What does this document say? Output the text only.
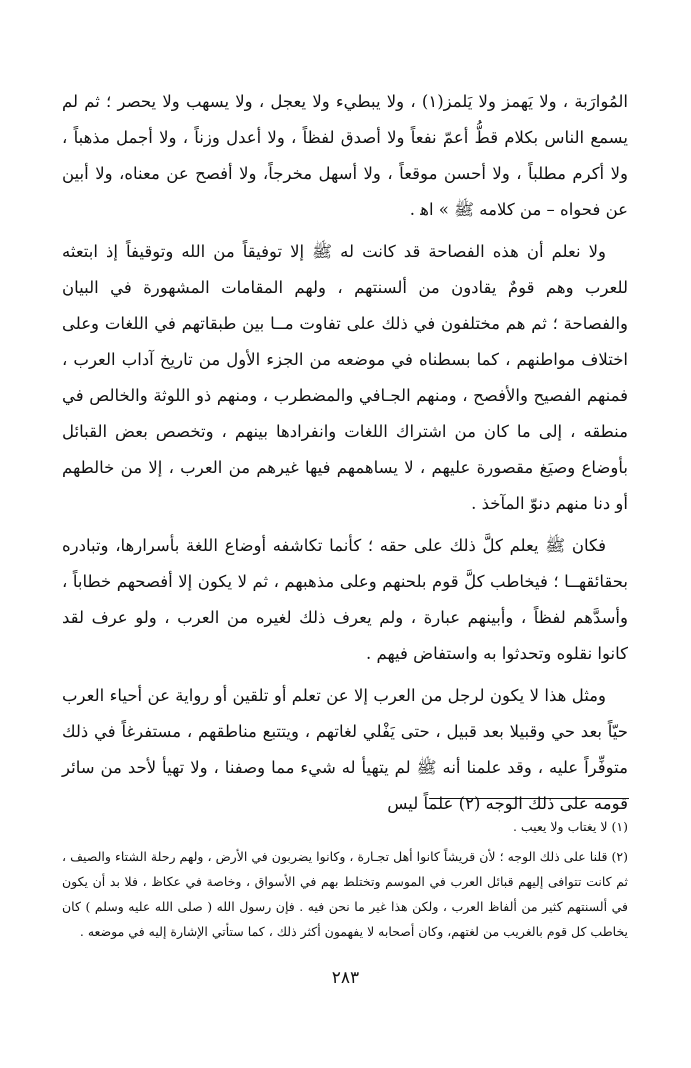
المُوارَبة ، ولا يَهمز ولا يَلمز(١) ، ولا يبطيء ولا يعجل ، ولا يسهب ولا يحصر ؛ ثم لم يسمع الناس بكلام قطُّ أعمّ نفعاً ولا أصدق لفظاً ، ولا أعدل وزناً ، ولا أجمل مذهباً ، ولا أكرم مطلباً ، ولا أحسن موقعاً ، ولا أسهل مخرجاً، ولا أفصح عن معناه، ولا أبين عن فحواه – من كلامه ﷺ » اﻫ .

ولا نعلم أن هذه الفصاحة قد كانت له ﷺ إلا توفيقاً من الله وتوقيفاً إذ ابتعثه للعرب وهم قومٌ يقادون من ألسنتهم ، ولهم المقامات المشهورة في البيان والفصاحة ؛ ثم هم مختلفون في ذلك على تفاوت مــا بين طبقاتهم في اللغات وعلى اختلاف مواطنهم ، كما بسطناه في موضعه من الجزء الأول من تاريخ آداب العرب ، فمنهم الفصيح والأفصح ، ومنهم الجـافي والمضطرب ، ومنهم ذو اللوثة والخالص في منطقه ، إلى ما كان من اشتراك اللغات وانفرادها بينهم ، وتخصص بعض القبائل بأوضاع وصيَغ مقصورة عليهم ، لا يساهمهم فيها غيرهم من العرب ، إلا من خالطهم أو دنا منهم دنوّ المآخذ .

فكان ﷺ يعلم كلَّ ذلك على حقه ؛ كأنما تكاشفه أوضاع اللغة بأسرارها، وتبادره بحقائقهــا ؛ فيخاطب كلَّ قوم بلحنهم وعلى مذهبهم ، ثم لا يكون إلا أفصحهم خطاباً ، وأسدَّهم لفظاً ، وأبينهم عبارة ، ولم يعرف ذلك لغيره من العرب ، ولو عرف لقد كانوا نقلوه وتحدثوا به واستفاض فيهم .

ومثل هذا لا يكون لرجل من العرب إلا عن تعلم أو تلقين أو رواية عن أحياء العرب حيّاً بعد حي وقبيلا بعد قبيل ، حتى يَفْلي لغاتهم ، ويتتبع مناطقهم ، مستفرغاً في ذلك متوفِّراً عليه ، وقد علمنا أنه ﷺ لم يتهيأ له شيء مما وصفنا ، ولا تهيأ لأحد من سائر قومه على ذلك الوجه (٢) علماً ليس

(١) لا يغتاب ولا يعيب .

(٢) قلنا على ذلك الوجه ؛ لأن قريشاً كانوا أهل تجـارة ، وكانوا يضربون في الأرض ، ولهم رحلة الشتاء والصيف ، ثم كانت تتوافى إليهم قبائل العرب في الموسم وتختلط بهم في الأسواق ، وخاصة في عكاظ ، فلا بد أن يكون في ألسنتهم كثير من ألفاظ العرب ، ولكن هذا غير ما نحن فيه . فإن رسول الله ( صلى الله عليه وسلم ) كان يخاطب كل قوم بالغريب من لغتهم، وكان أصحابه لا يفهمون أكثر ذلك ، كما ستأتي الإشارة إليه في موضعه .

٢٨٣
